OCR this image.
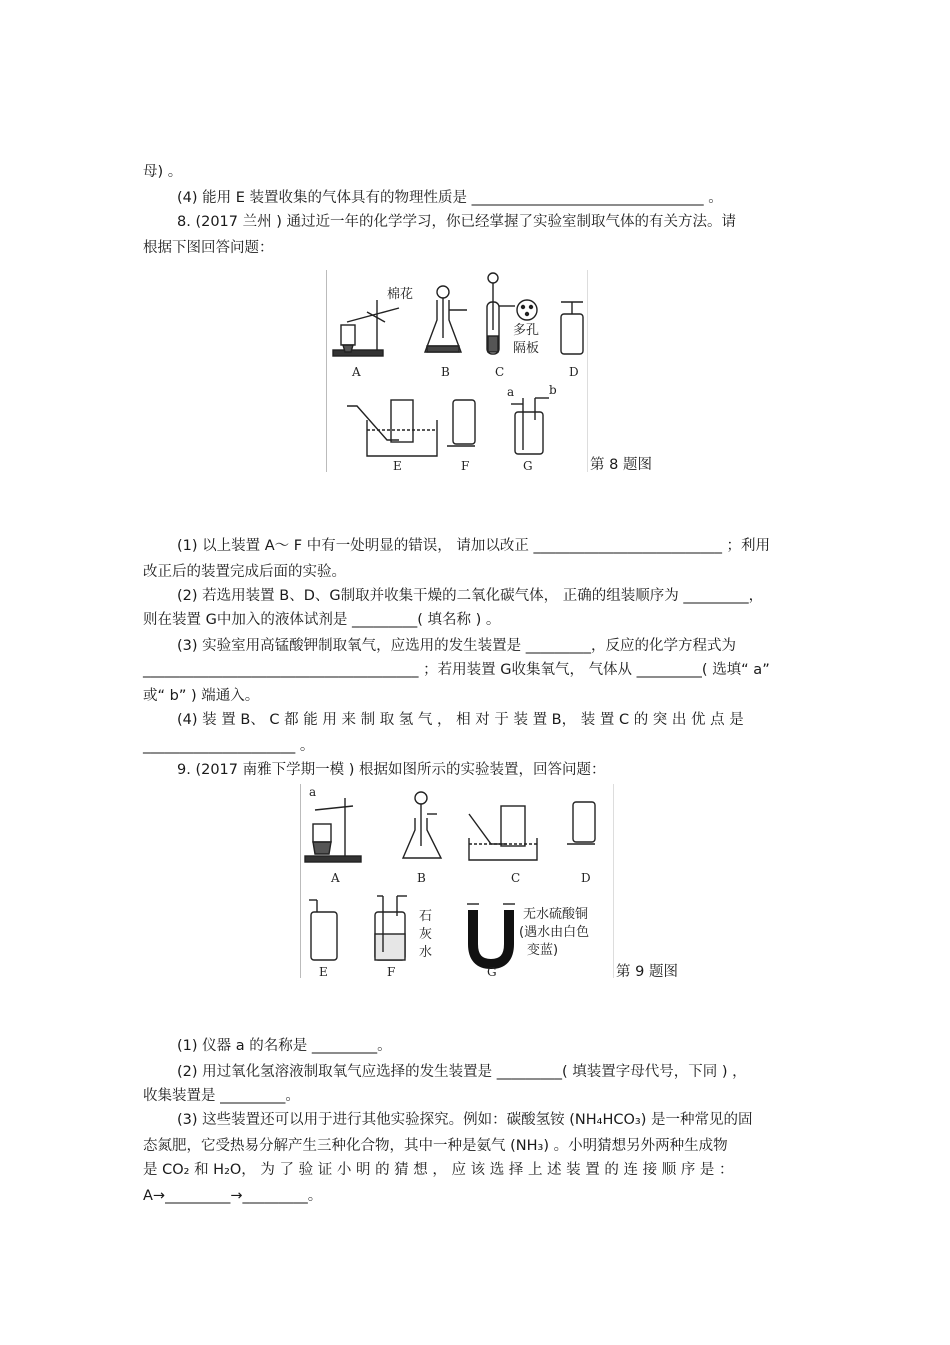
母) 。
(4) 能用 E 装置收集的气体具有的物理性质是 ________________________________ 。
8. (2017 兰州 ) 通过近一年的化学学习，你已经掌握了实验室制取气体的有关方法。请
根据下图回答问题：
棉花
多孔
隔板
a	b
A	B	C	D
E	F	G	第 8 题图
(1) 以上装置 A～ F 中有一处明显的错误， 请加以改正 __________________________ ；利用
改正后的装置完成后面的实验。
(2) 若选用装置 B、D、G制取并收集干燥的二氧化碳气体， 正确的组装顺序为 _________，
则在装置 G中加入的液体试剂是 _________( 填名称 ) 。
(3) 实验室用高锰酸钾制取氧气，应选用的发生装置是 _________，反应的化学方程式为
______________________________________ ；若用装置 G收集氧气， 气体从 _________( 选填“ a”
或“ b” ) 端通入。
(4) 装 置 B、 C 都 能 用 来 制 取 氢 气 ， 相 对 于 装 置 B， 装 置 C 的 突 出 优 点 是
_____________________ 。
9. (2017 南雅下学期一模 ) 根据如图所示的实验装置，回答问题：
a
石
灰
水
无水硫酸铜
(遇水由白色
变蓝)
A	B	C	D
E	F	G	第 9 题图
(1) 仪器 a 的名称是 _________。
(2) 用过氧化氢溶液制取氧气应选择的发生装置是 _________( 填装置字母代号，下同 ) ，
收集装置是 _________。
(3) 这些装置还可以用于进行其他实验探究。例如：碳酸氢铵 (NH₄HCO₃) 是一种常见的固
态氮肥，它受热易分解产生三种化合物，其中一种是氨气 (NH₃) 。小明猜想另外两种生成物
是 CO₂ 和 H₂O， 为 了 验 证 小 明 的 猜 想 ， 应 该 选 择 上 述 装 置 的 连 接 顺 序 是 ：
A→_________→_________。
